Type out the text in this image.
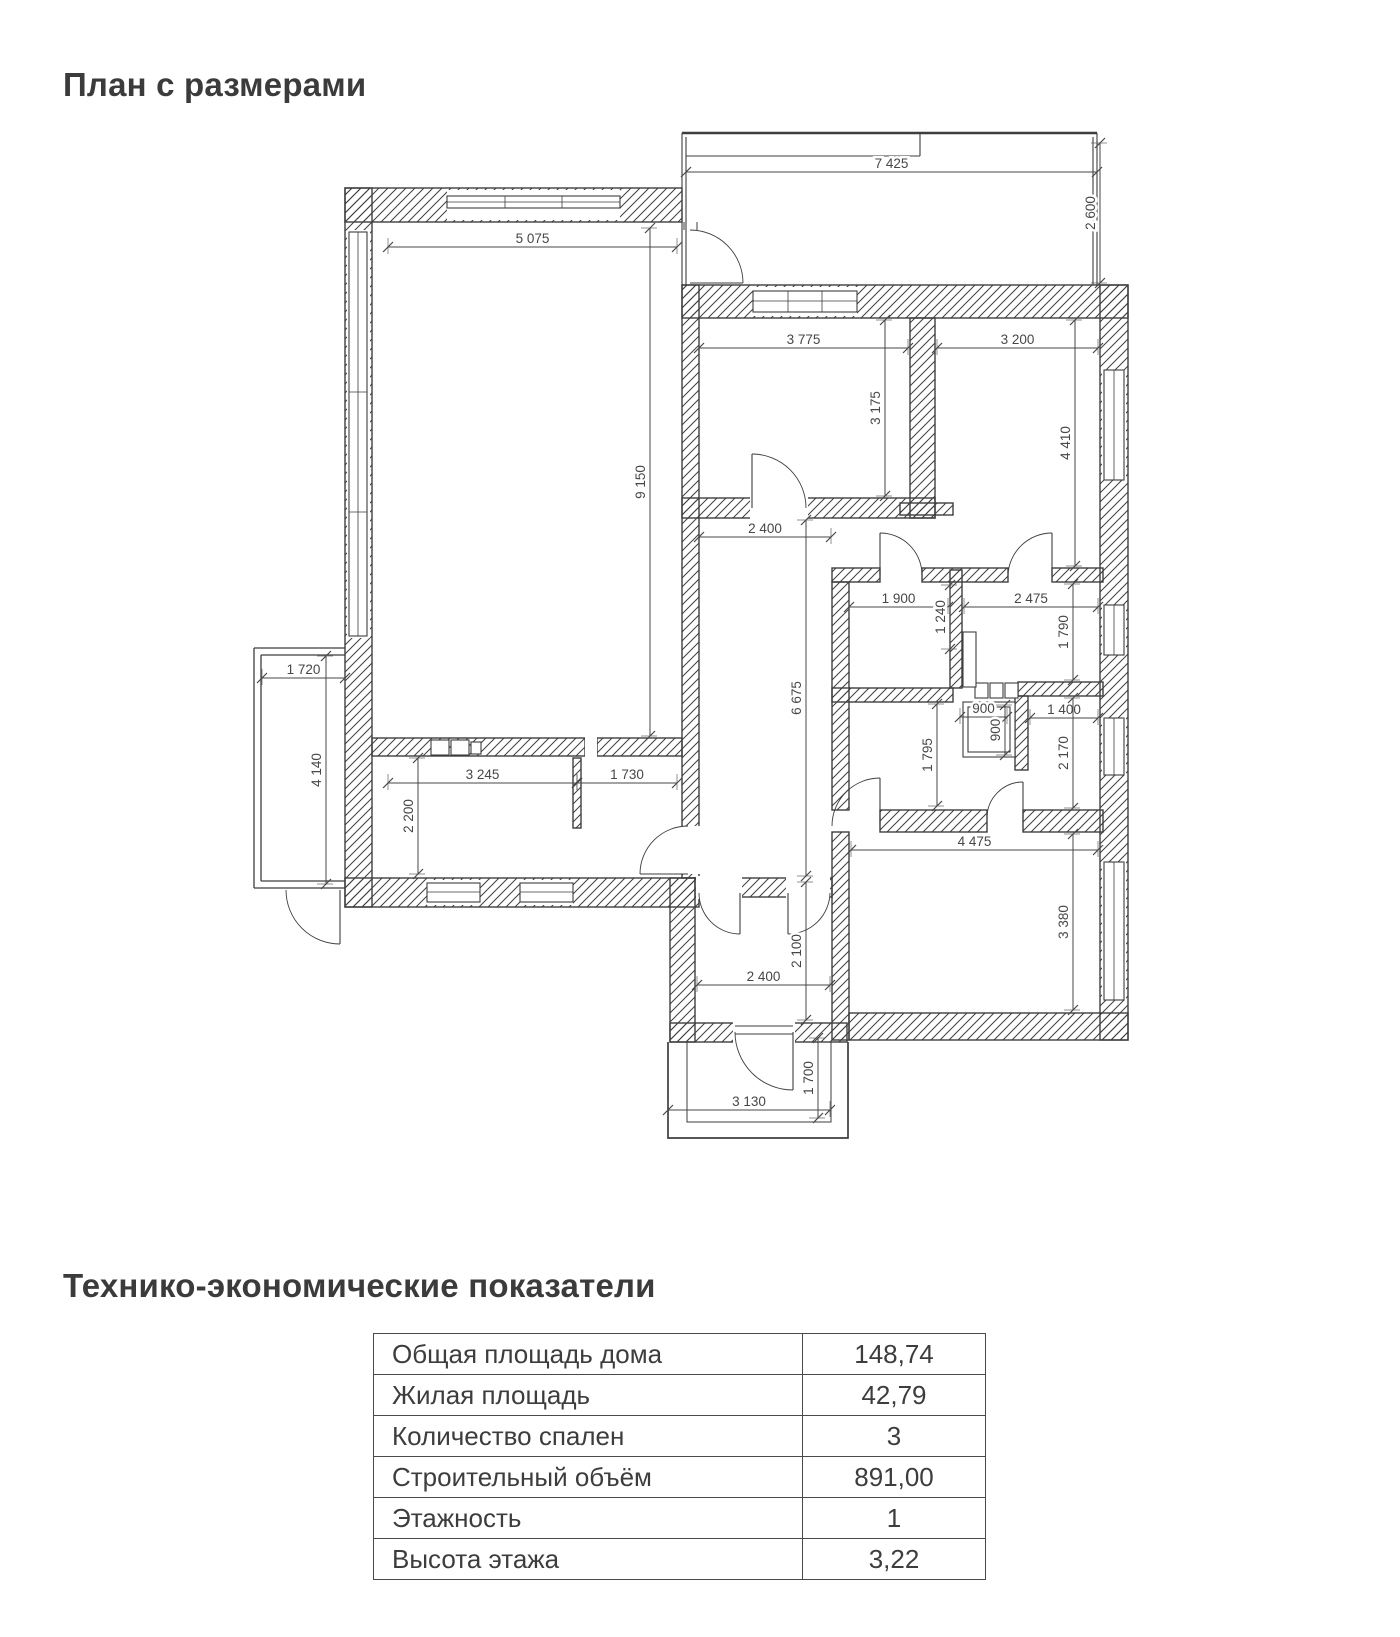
План с размерами
7 425
2 600
5 075
9 150
3 775	3 200
3 175
4 410
2 400
6 675
1 900	2 475
1 240	1 790
900
900
1 400
2 170
1 795
1 720
4 140	3 245	1 730
2 200
4 475
3 380
2 400
2 100
3 130
1 700
Технико-экономические показатели
Общая площадь дома	148,74
Жилая площадь	42,79
Количество спален	3
Строительный объём	891,00
Этажность	1
Высота этажа	3,22
